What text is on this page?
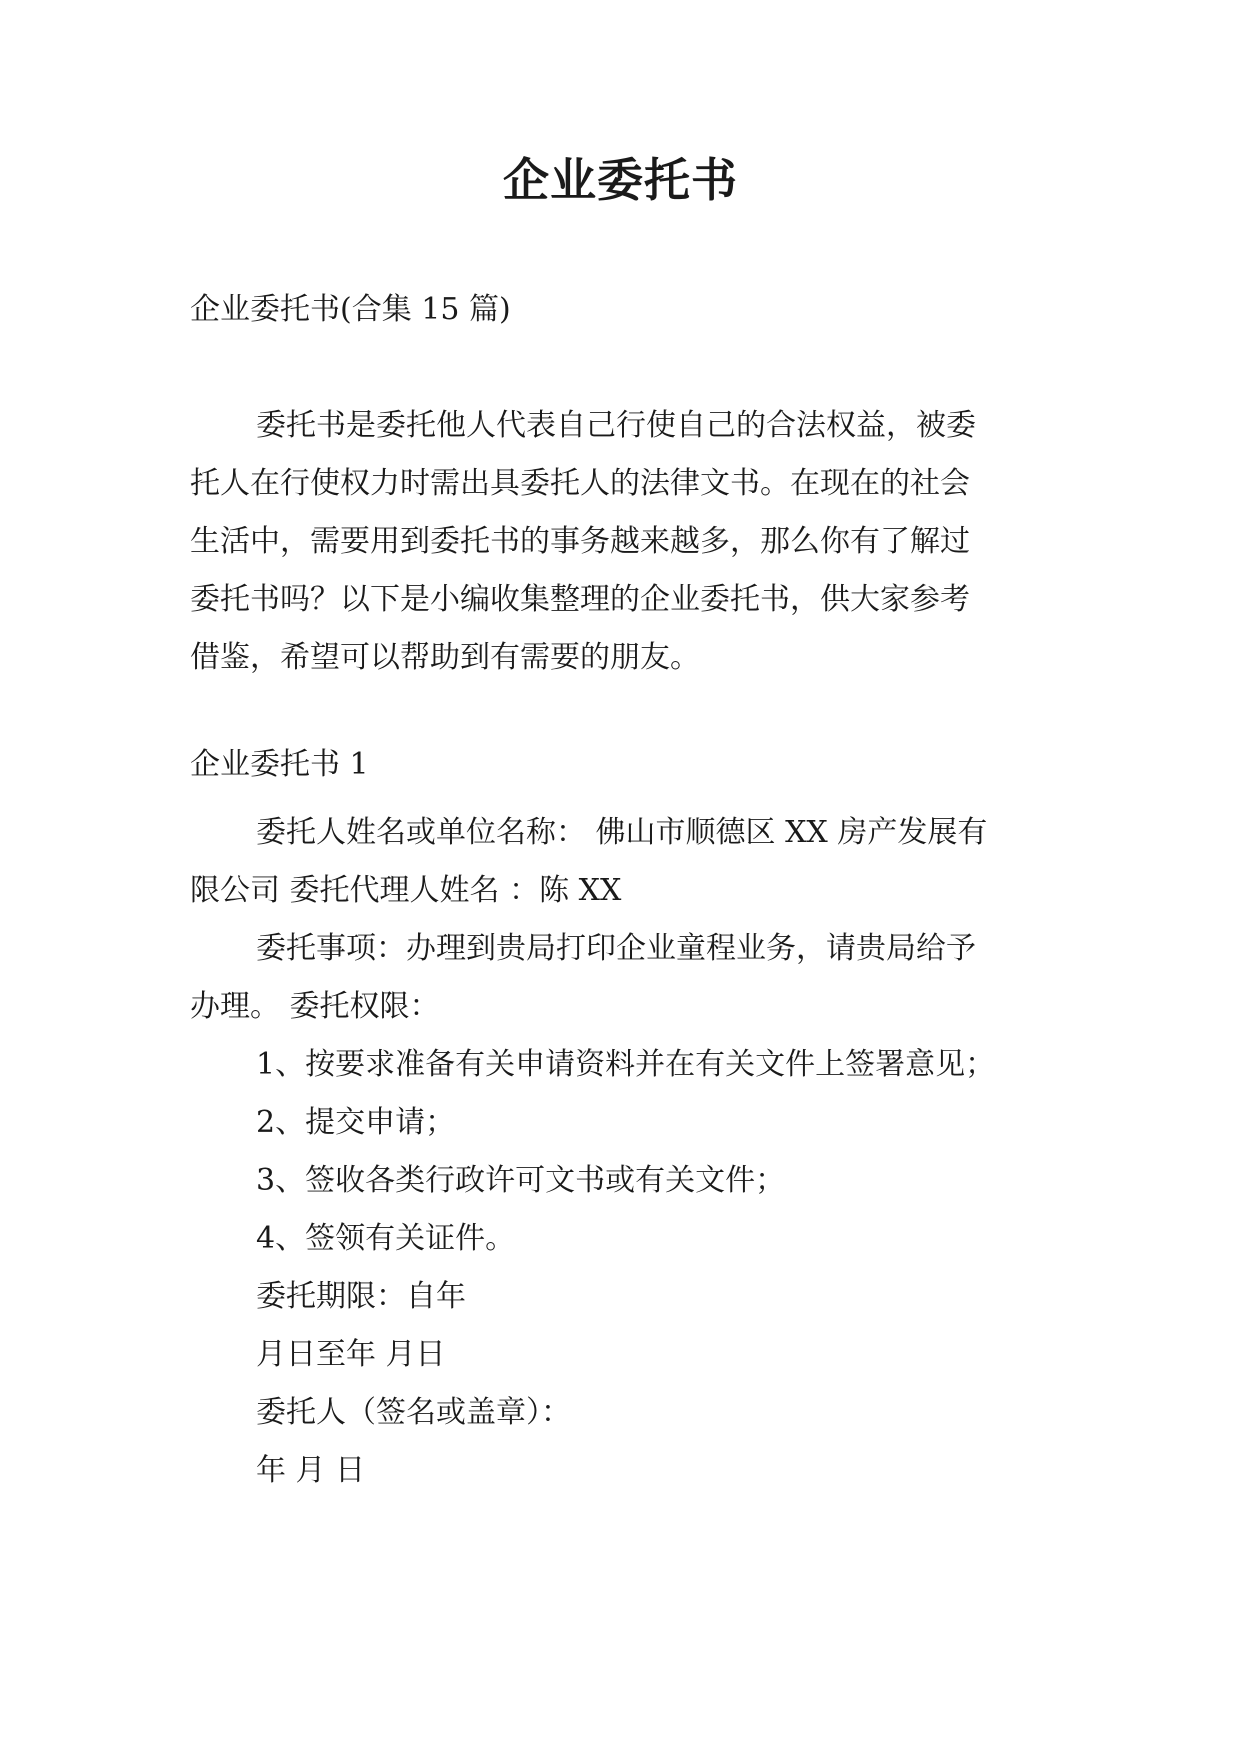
企业委托书
企业委托书(合集 15 篇)
委托书是委托他人代表自己行使自己的合法权益，被委
托人在行使权力时需出具委托人的法律文书。在现在的社会
生活中，需要用到委托书的事务越来越多，那么你有了解过
委托书吗？以下是小编收集整理的企业委托书，供大家参考
借鉴，希望可以帮助到有需要的朋友。
企业委托书 1
委托人姓名或单位名称： 佛山市顺德区 XX 房产发展有
限公司 委托代理人姓名 ：陈 XX
委托事项：办理到贵局打印企业童程业务，请贵局给予
办理。 委托权限：
1、按要求准备有关申请资料并在有关文件上签署意见；
2、提交申请；
3、签收各类行政许可文书或有关文件；
4、签领有关证件。
委托期限：自年
月日至年 月日
委托人（签名或盖章）：
年 月 日
